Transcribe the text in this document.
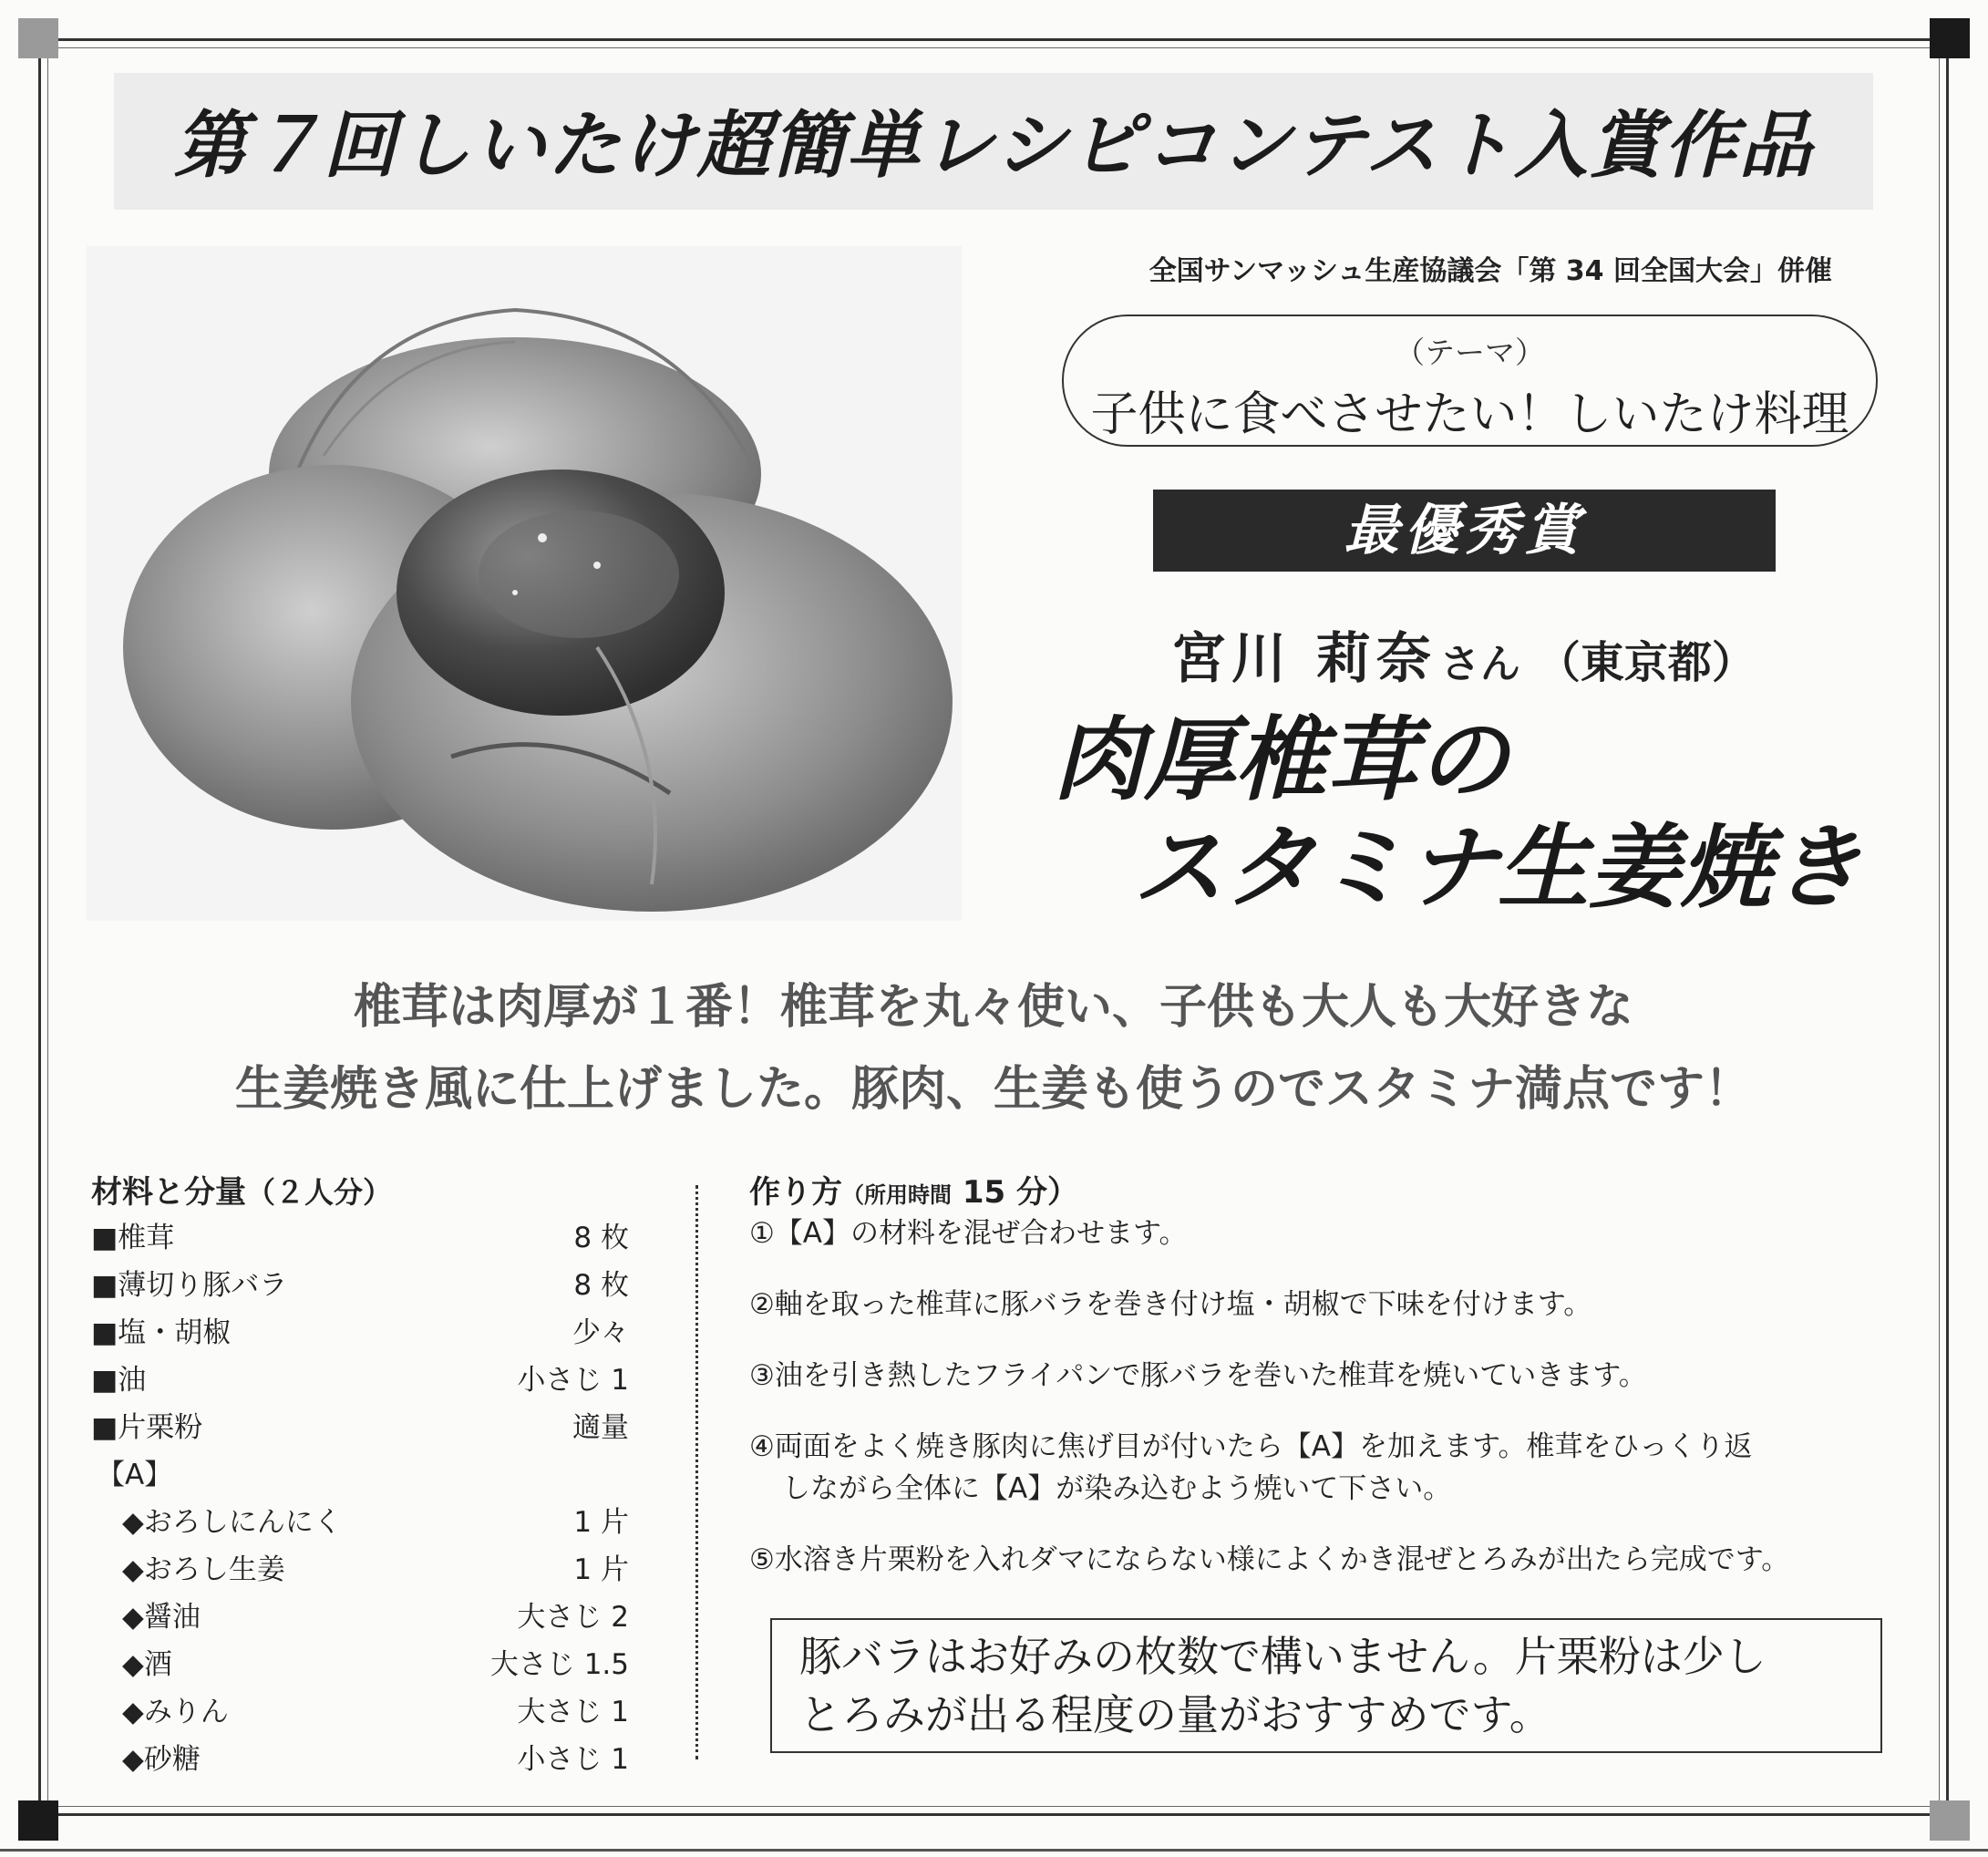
第７回しいたけ超簡単レシピコンテスト入賞作品
全国サンマッシュ生産協議会「第 34 回全国大会」併催
（テーマ）
子供に食べさせたい！しいたけ料理
最優秀賞
宮川 莉奈さん （東京都）
肉厚椎茸の
スタミナ生姜焼き
椎茸は肉厚が１番！椎茸を丸々使い、子供も大人も大好きな
生姜焼き風に仕上げました。豚肉、生姜も使うのでスタミナ満点です！
材料と分量（２人分）
■椎茸	8 枚
■薄切り豚バラ	8 枚
■塩・胡椒	少々
■油	小さじ 1
■片栗粉	適量
【A】
◆おろしにんにく	1 片
◆おろし生姜	1 片
◆醤油	大さじ 2
◆酒	大さじ 1.5
◆みりん	大さじ 1
◆砂糖	小さじ 1
作り方（所用時間 15 分）
①【A】の材料を混ぜ合わせます。
②軸を取った椎茸に豚バラを巻き付け塩・胡椒で下味を付けます。
③油を引き熱したフライパンで豚バラを巻いた椎茸を焼いていきます。
④両面をよく焼き豚肉に焦げ目が付いたら【A】を加えます。椎茸をひっくり返
しながら全体に【A】が染み込むよう焼いて下さい。
⑤水溶き片栗粉を入れダマにならない様によくかき混ぜとろみが出たら完成です。
豚バラはお好みの枚数で構いません。片栗粉は少し
とろみが出る程度の量がおすすめです。
